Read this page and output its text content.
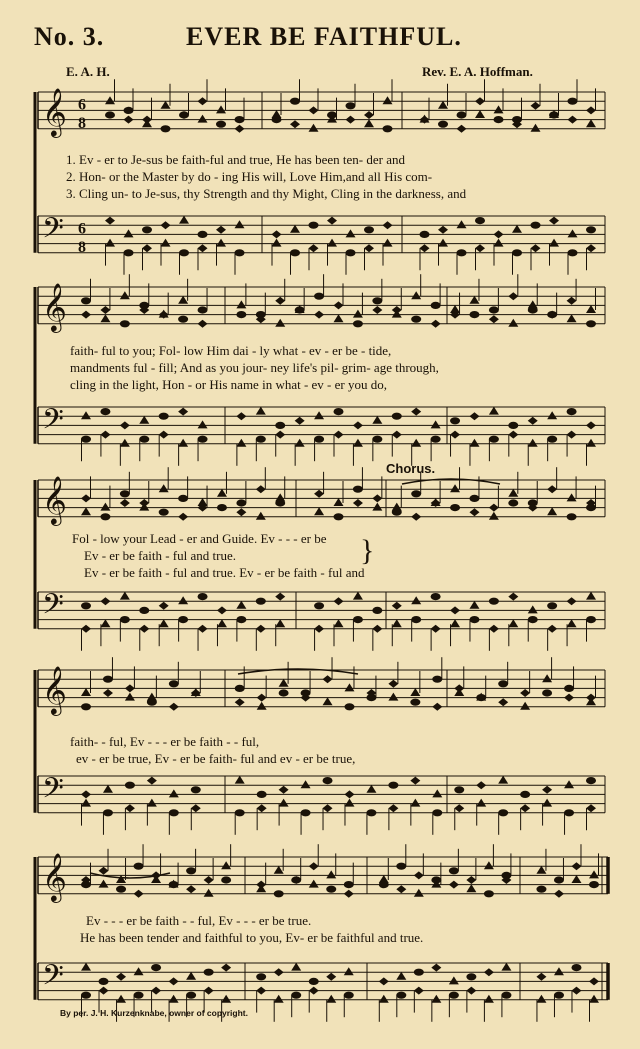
No. 3.	EVER BE FAITHFUL.
E. A. H.	Rev. E. A. Hoffman.
𝄞
𝄢
6
8
6
8
𝄞
𝄢
𝄞
𝄢
𝄞
𝄢
𝄞
𝄢
1. Ev - er to Je-sus be faith-ful and true, He has been ten- der and
2. Hon- or the Master by do - ing His will, Love Him,and all His com-
3. Cling un- to Je-sus, thy Strength and thy Might, Cling in the darkness, and
faith- ful to you; Fol- low Him dai - ly what - ev - er be - tide,
mandments ful - fill; And as you jour- ney life's pil- grim- age through,
cling in the light, Hon - or His name in what - ev - er you do,
Chorus.
Fol - low your Lead - er and Guide. Ev - - - er be
Ev - er be faith - ful and true.
Ev - er be faith - ful and true. Ev - er be faith - ful and
}
faith- - ful, Ev - - - er be faith - - ful,
ev - er be true, Ev - er be faith- ful and ev - er be true,
Ev - - - er be faith - - ful, Ev - - - er be true.
He has been tender and faithful to you, Ev- er be faithful and true.
By per. J. H. Kurzenknabe, owner of copyright.
